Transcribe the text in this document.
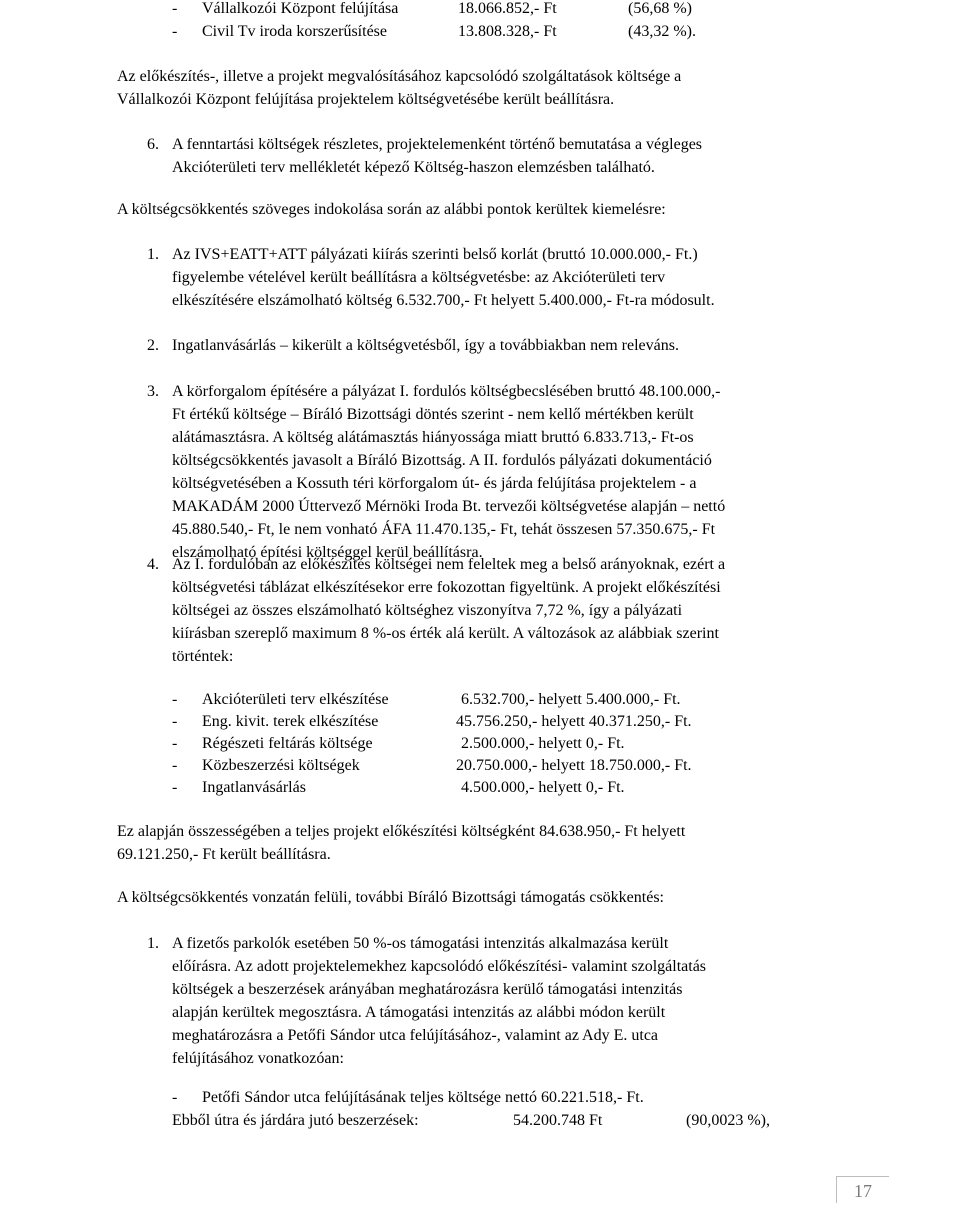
- Vállalkozói Központ felújítása	18.066.852,- Ft	(56,68 %)
- Civil Tv iroda korszerűsítése	13.808.328,- Ft	(43,32 %).
Az előkészítés-, illetve a projekt megvalósításához kapcsolódó szolgáltatások költsége a
Vállalkozói Központ felújítása projektelem költségvetésébe került beállításra.
6. A fenntartási költségek részletes, projektelemenként történő bemutatása a végleges
Akcióterületi terv mellékletét képező Költség-haszon elemzésben található.
A költségcsökkentés szöveges indokolása során az alábbi pontok kerültek kiemelésre:
1. Az IVS+EATT+ATT pályázati kiírás szerinti belső korlát (bruttó 10.000.000,- Ft.)
figyelembe vételével került beállításra a költségvetésbe: az Akcióterületi terv
elkészítésére elszámolható költség 6.532.700,- Ft helyett 5.400.000,- Ft-ra módosult.
2. Ingatlanvásárlás – kikerült a költségvetésből, így a továbbiakban nem releváns.
3. A körforgalom építésére a pályázat I. fordulós költségbecslésében bruttó 48.100.000,-
Ft értékű költsége – Bíráló Bizottsági döntés szerint - nem kellő mértékben került
alátámasztásra. A költség alátámasztás hiányossága miatt bruttó 6.833.713,- Ft-os
költségcsökkentés javasolt a Bíráló Bizottság. A II. fordulós pályázati dokumentáció
költségvetésében a Kossuth téri körforgalom út- és járda felújítása projektelem - a
MAKADÁM 2000 Úttervező Mérnöki Iroda Bt. tervezői költségvetése alapján – nettó
45.880.540,- Ft, le nem vonható ÁFA 11.470.135,- Ft, tehát összesen 57.350.675,- Ft
elszámolható építési költséggel kerül beállításra.
4. Az I. fordulóban az előkészítés költségei nem feleltek meg a belső arányoknak, ezért a
költségvetési táblázat elkészítésekor erre fokozottan figyeltünk. A projekt előkészítési
költségei az összes elszámolható költséghez viszonyítva 7,72 %, így a pályázati
kiírásban szereplő maximum 8 %-os érték alá került. A változások az alábbiak szerint
történtek:
- Akcióterületi terv elkészítése	6.532.700,- helyett 5.400.000,- Ft.
- Eng. kivit. terek elkészítése	45.756.250,- helyett 40.371.250,- Ft.
- Régészeti feltárás költsége	2.500.000,- helyett 0,- Ft.
- Közbeszerzési költségek	20.750.000,- helyett 18.750.000,- Ft.
- Ingatlanvásárlás	4.500.000,- helyett 0,- Ft.
Ez alapján összességében a teljes projekt előkészítési költségként 84.638.950,- Ft helyett
69.121.250,- Ft került beállításra.
A költségcsökkentés vonzatán felüli, további Bíráló Bizottsági támogatás csökkentés:
1. A fizetős parkolók esetében 50 %-os támogatási intenzitás alkalmazása került
előírásra. Az adott projektelemekhez kapcsolódó előkészítési- valamint szolgáltatás
költségek a beszerzések arányában meghatározásra kerülő támogatási intenzitás
alapján kerültek megosztásra. A támogatási intenzitás az alábbi módon került
meghatározásra a Petőfi Sándor utca felújításához-, valamint az Ady E. utca
felújításához vonatkozóan:
- Petőfi Sándor utca felújításának teljes költsége nettó 60.221.518,- Ft.
Ebből útra és járdára jutó beszerzések:	54.200.748 Ft	(90,0023 %),
17
